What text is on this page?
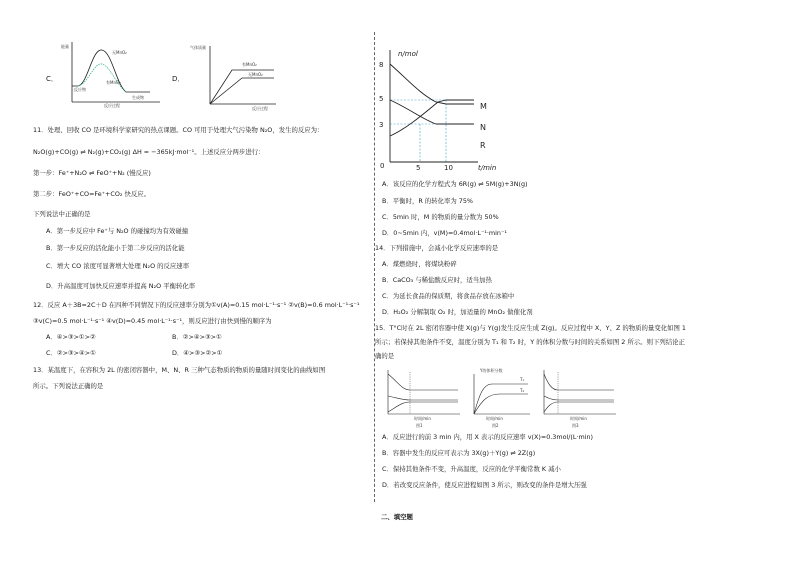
C．
能量
无MnO₂
有MnO₂
反应物
生成物
反应过程
D．
气体质量
有MnO₂
无MnO₂
反应过程
11．处理、回收 CO 是环境科学家研究的热点课题。CO 可用于处理大气污染物 N₂O，发生的反应为：
N₂O(g)+CO(g) ⇌ N₂(g)+CO₂(g) ΔH = −365kJ·mol⁻¹。上述反应分两步进行：
第一步：Fe⁺+N₂O ⇌ FeO⁺+N₂ (慢反应)
第二步：FeO⁺+CO=Fe⁺+CO₂ 快反应。
下列说法中正确的是
A．第一步反应中 Fe⁺与 N₂O 的碰撞均为有效碰撞
B．第一步反应的活化能小于第二步反应的活化能
C．增大 CO 浓度可显著增大处理 N₂O 的反应速率
D．升高温度可加快反应速率并提高 N₂O 平衡转化率
12．反应 A＋3B=2C＋D 在四种不同情况下的反应速率分别为①v(A)=0.15 mol·L⁻¹·s⁻¹ ②v(B)=0.6 mol·L⁻¹·s⁻¹
③v(C)=0.5 mol·L⁻¹·s⁻¹ ④v(D)=0.45 mol·L⁻¹·s⁻¹，则反应进行由快到慢的顺序为
A．④>③>①>②	B．②>④>③>①
C．②>③>④>①	D．④>③>②>①
13．某温度下，在容积为 2L 的密闭容器中，M、N、R 三种气态物质的物质的量随时间变化的曲线如图
所示。下列说法正确的是
n/mol
8
5
3
0	5	10	t/min
M
N
R
A．该反应的化学方程式为 6R(g) ⇌ 5M(g)+3N(g)
B．平衡时，R 的转化率为 75%
C．5min 时，M 的物质的量分数为 50%
D．0~5min 内，v(M)=0.4mol·L⁻¹·min⁻¹
14．下列措施中，会减小化学反应速率的是
A．煤燃烧时，将煤块粉碎
B．CaCO₃ 与稀盐酸反应时，适当加热
C．为延长食品的保质期，将食品存放在冰箱中
D．H₂O₂ 分解制取 O₂ 时，加适量的 MnO₂ 做催化剂
15．T°C时在 2L 密闭容器中使 X(g)与 Y(g)发生反应生成 Z(g)。反应过程中 X、Y、Z 的物质的量变化如图 1
所示；若保持其他条件不变，温度分别为 T₁ 和 T₂ 时，Y 的体积分数与时间的关系如图 2 所示。则下列结论正
确的是
时间/min
图1
Y的体积分数
T₁
T₂
时间/min
图2
时间/min
图3
A．反应进行的前 3 min 内，用 X 表示的反应速率 v(X)=0.3mol/(L·min)
B．容器中发生的反应可表示为 3X(g)＋Y(g) ⇌ 2Z(g)
C．保持其他条件不变，升高温度，反应的化学平衡常数 K 减小
D．若改变反应条件，使反应进程如图 3 所示，则改变的条件是增大压强
二、填空题
